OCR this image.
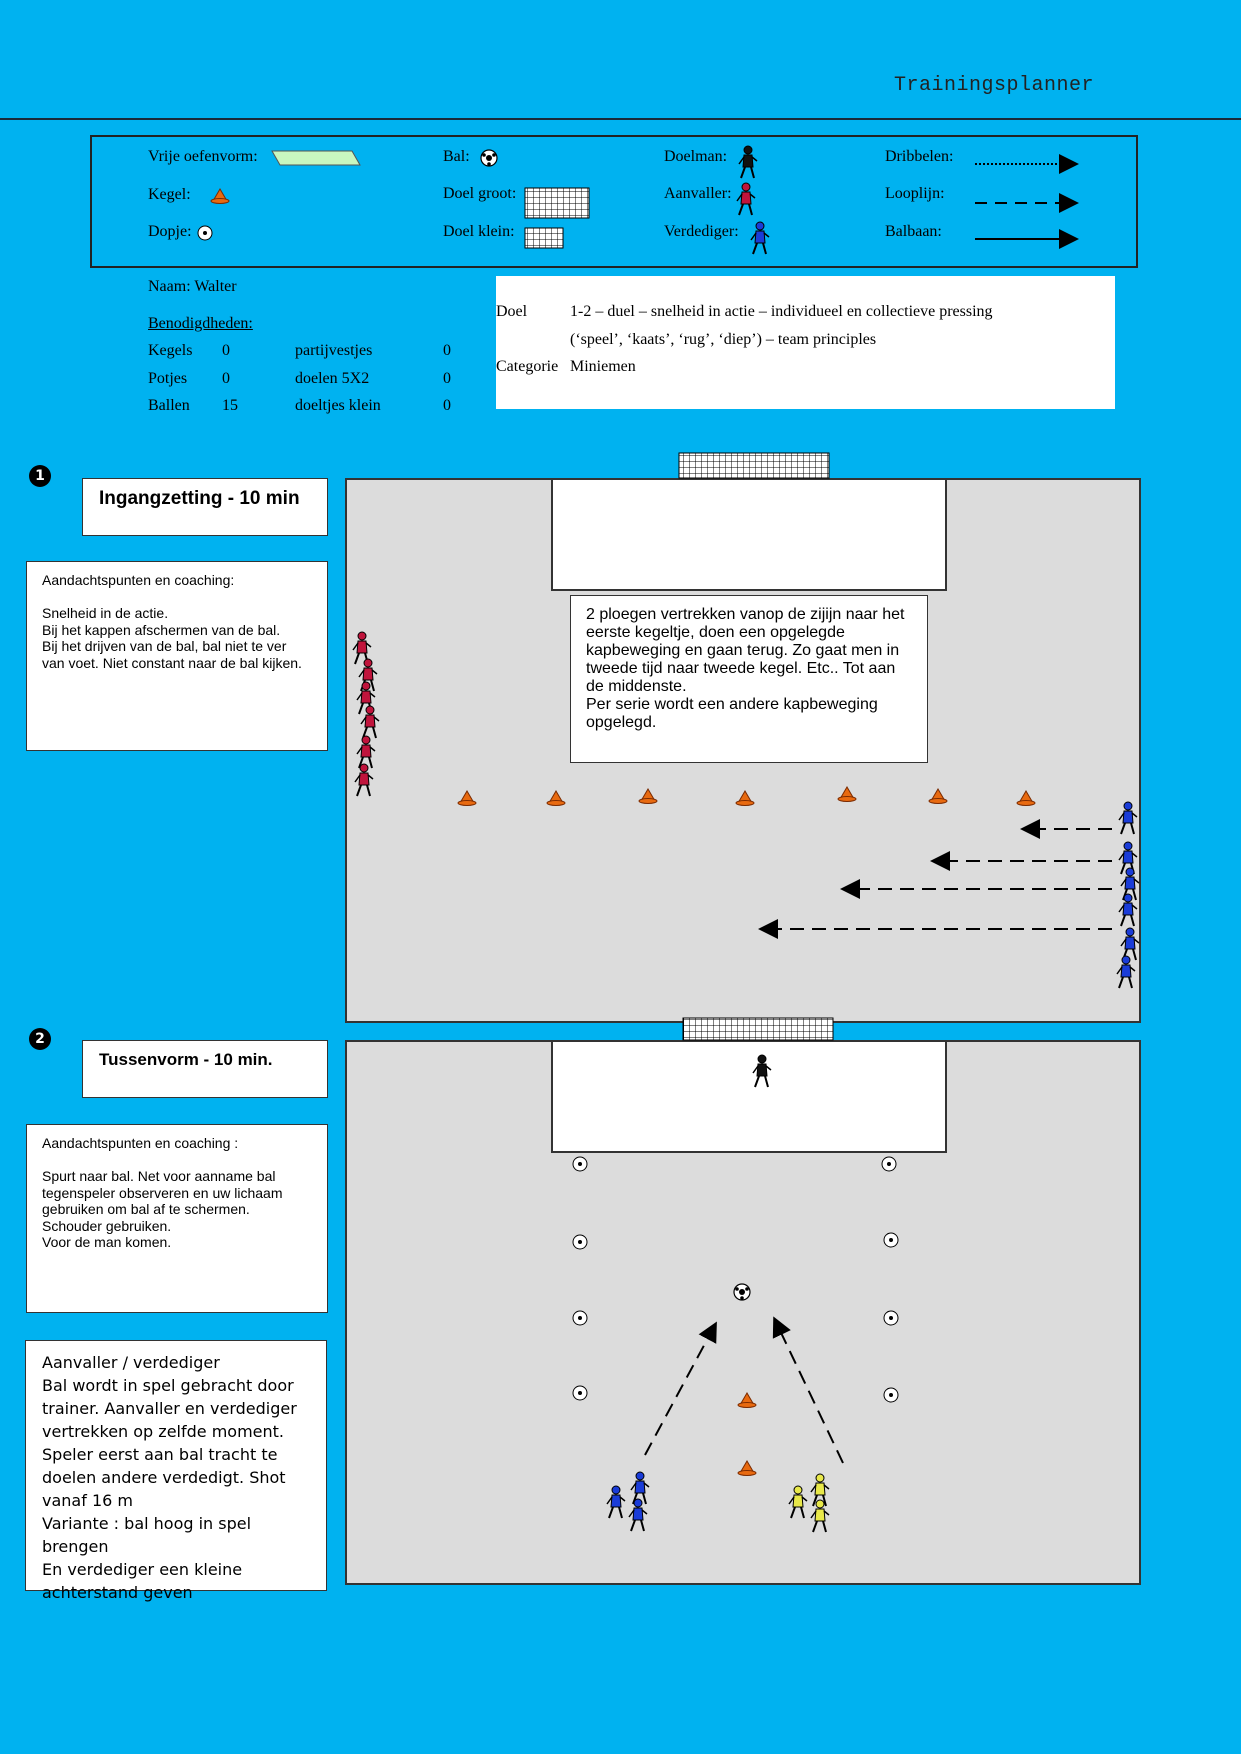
Trainingsplanner
Vrije oefenvorm:
Kegel:
Dopje:
Bal:
Doel groot:
Doel klein:
Doelman:
Aanvaller:
Verdediger:
Dribbelen:
Looplijn:
Balbaan:
Naam: Walter
Benodigdheden:
Kegels 0	partijvestjes	0
Potjes 0	doelen 5X2	0
Ballen 15	doeltjes klein	0
Doel	1-2 – duel – snelheid in actie – individueel en collectieve pressing
(‘speel’, ‘kaats’, ‘rug’, ‘diep’) – team principles
Categorie Miniemen
1
Ingangzetting - 10 min
Aandachtspunten en coaching:

Snelheid in de actie.
Bij het kappen afschermen van de bal.
Bij het drijven van de bal, bal niet te ver van voet. Niet constant naar de bal kijken.
2 ploegen vertrekken vanop de zijijn naar het eerste kegeltje, doen een opgelegde kapbeweging en gaan terug. Zo gaat men in tweede tijd naar tweede kegel. Etc.. Tot aan de middenste.
Per serie wordt een andere kapbeweging opgelegd.
2
Tussenvorm - 10 min.
Aandachtspunten en coaching :

Spurt naar bal. Net voor aanname bal tegenspeler observeren en uw lichaam gebruiken om bal af te schermen.
Schouder gebruiken.
Voor de man komen.
Aanvaller / verdediger
Bal wordt in spel gebracht door trainer. Aanvaller en verdediger vertrekken op zelfde moment.
Speler eerst aan bal tracht te doelen andere verdedigt. Shot vanaf 16 m
Variante : bal hoog in spel brengen
En verdediger een kleine achterstand geven
